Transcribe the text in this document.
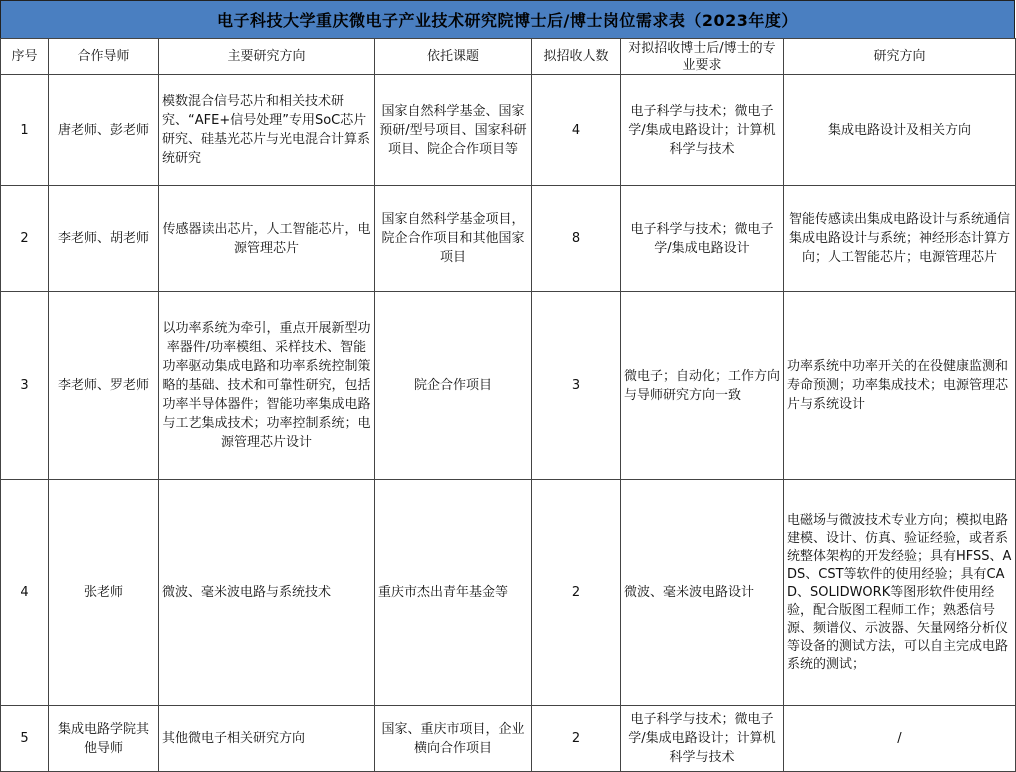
电子科技大学重庆微电子产业技术研究院博士后/博士岗位需求表（2023年度）
序号	合作导师	主要研究方向	依托课题	拟招收人数	对拟招收博士后/博士的专业要求	研究方向
1	唐老师、彭老师	模数混合信号芯片和相关技术研究、“AFE+信号处理”专用SoC芯片研究、硅基光芯片与光电混合计算系统研究	国家自然科学基金、国家预研/型号项目、国家科研项目、院企合作项目等	4	电子科学与技术；微电子学/集成电路设计；计算机科学与技术	集成电路设计及相关方向
2	李老师、胡老师	传感器读出芯片，人工智能芯片，电源管理芯片	国家自然科学基金项目，院企合作项目和其他国家项目	8	电子科学与技术；微电子学/集成电路设计	智能传感读出集成电路设计与系统通信集成电路设计与系统；神经形态计算方向；人工智能芯片；电源管理芯片
3	李老师、罗老师	以功率系统为牵引，重点开展新型功率器件/功率模组、采样技术、智能功率驱动集成电路和功率系统控制策略的基础、技术和可靠性研究，包括功率半导体器件；智能功率集成电路与工艺集成技术；功率控制系统；电源管理芯片设计	院企合作项目	3	微电子；自动化；工作方向与导师研究方向一致	功率系统中功率开关的在役健康监测和寿命预测；功率集成技术；电源管理芯片与系统设计
4	张老师	微波、毫米波电路与系统技术	重庆市杰出青年基金等	2	微波、毫米波电路设计	电磁场与微波技术专业方向；模拟电路建模、设计、仿真、验证经验，或者系统整体架构的开发经验；具有HFSS、ADS、CST等软件的使用经验；具有CAD、SOLIDWORK等图形软件使用经验，配合版图工程师工作；熟悉信号源、频谱仪、示波器、矢量网络分析仪等设备的测试方法，可以自主完成电路系统的测试；
5	集成电路学院其他导师	其他微电子相关研究方向	国家、重庆市项目，企业横向合作项目	2	电子科学与技术；微电子学/集成电路设计；计算机科学与技术	/
